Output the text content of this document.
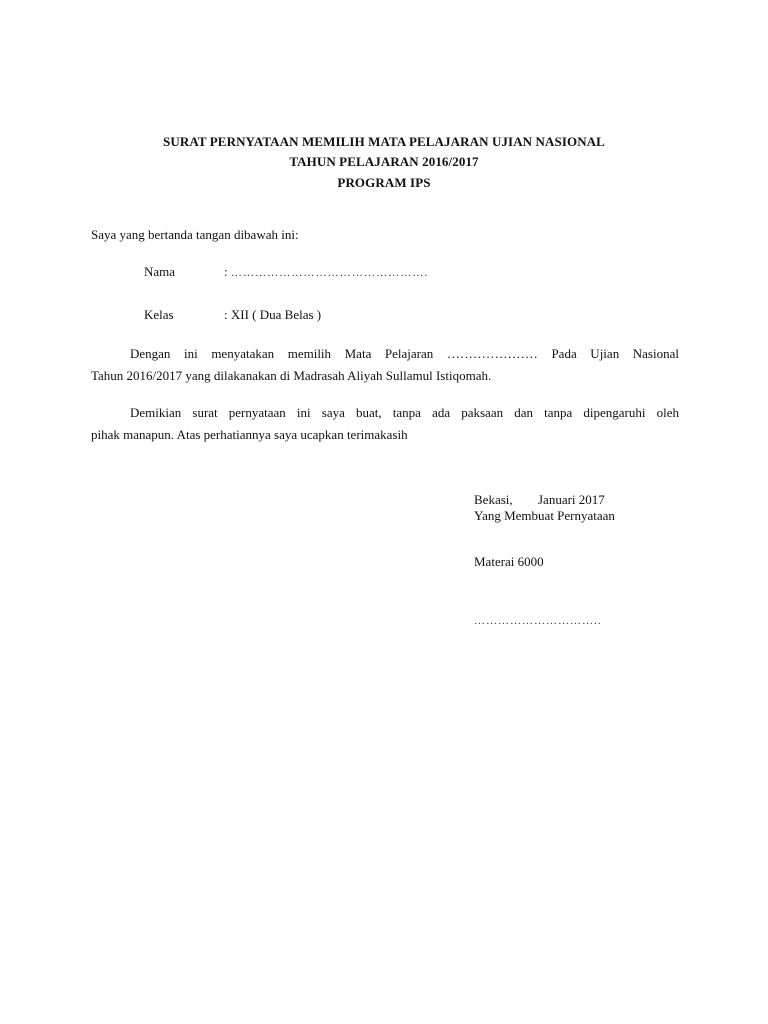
SURAT PERNYATAAN MEMILIH MATA PELAJARAN UJIAN NASIONAL
TAHUN PELAJARAN 2016/2017
PROGRAM IPS
Saya yang bertanda tangan dibawah ini:
Nama	: ………………………………………….
Kelas	: XII ( Dua Belas )
Dengan ini menyatakan memilih Mata Pelajaran ………………… Pada Ujian Nasional
Tahun 2016/2017 yang dilakanakan di Madrasah Aliyah Sullamul Istiqomah.
Demikian surat pernyataan ini saya buat, tanpa ada paksaan dan tanpa dipengaruhi oleh
pihak manapun. Atas perhatiannya saya ucapkan terimakasih
Bekasi, Januari 2017
Yang Membuat Pernyataan
Materai 6000
…………………………..
